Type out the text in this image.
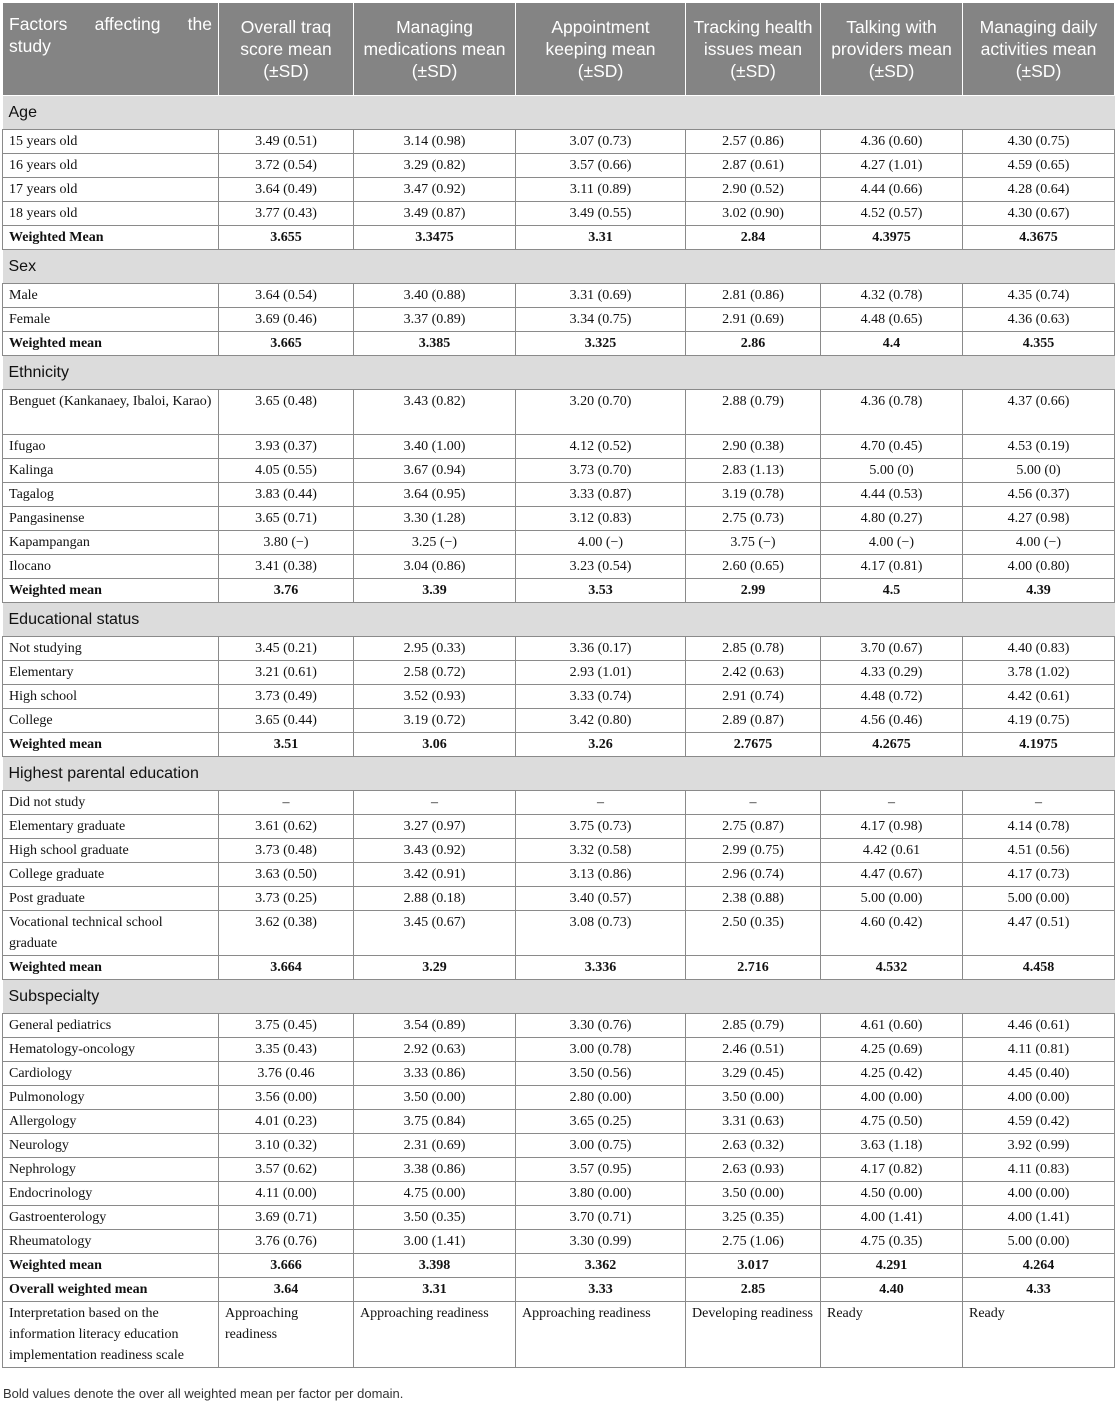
Factors affecting the study	Overall traq score mean (±SD)	Managing medications mean (±SD)	Appointment keeping mean (±SD)	Tracking health issues mean (±SD)	Talking with providers mean (±SD)	Managing daily activities mean (±SD)
Age						
15 years old	3.49 (0.51)	3.14 (0.98)	3.07 (0.73)	2.57 (0.86)	4.36 (0.60)	4.30 (0.75)
16 years old	3.72 (0.54)	3.29 (0.82)	3.57 (0.66)	2.87 (0.61)	4.27 (1.01)	4.59 (0.65)
17 years old	3.64 (0.49)	3.47 (0.92)	3.11 (0.89)	2.90 (0.52)	4.44 (0.66)	4.28 (0.64)
18 years old	3.77 (0.43)	3.49 (0.87)	3.49 (0.55)	3.02 (0.90)	4.52 (0.57)	4.30 (0.67)
Weighted Mean	3.655	3.3475	3.31	2.84	4.3975	4.3675
Sex						
Male	3.64 (0.54)	3.40 (0.88)	3.31 (0.69)	2.81 (0.86)	4.32 (0.78)	4.35 (0.74)
Female	3.69 (0.46)	3.37 (0.89)	3.34 (0.75)	2.91 (0.69)	4.48 (0.65)	4.36 (0.63)
Weighted mean	3.665	3.385	3.325	2.86	4.4	4.355
Ethnicity						
Benguet (Kankanaey, Ibaloi, Karao)	3.65 (0.48)	3.43 (0.82)	3.20 (0.70)	2.88 (0.79)	4.36 (0.78)	4.37 (0.66)
Ifugao	3.93 (0.37)	3.40 (1.00)	4.12 (0.52)	2.90 (0.38)	4.70 (0.45)	4.53 (0.19)
Kalinga	4.05 (0.55)	3.67 (0.94)	3.73 (0.70)	2.83 (1.13)	5.00 (0)	5.00 (0)
Tagalog	3.83 (0.44)	3.64 (0.95)	3.33 (0.87)	3.19 (0.78)	4.44 (0.53)	4.56 (0.37)
Pangasinense	3.65 (0.71)	3.30 (1.28)	3.12 (0.83)	2.75 (0.73)	4.80 (0.27)	4.27 (0.98)
Kapampangan	3.80 (−)	3.25 (−)	4.00 (−)	3.75 (−)	4.00 (−)	4.00 (−)
Ilocano	3.41 (0.38)	3.04 (0.86)	3.23 (0.54)	2.60 (0.65)	4.17 (0.81)	4.00 (0.80)
Weighted mean	3.76	3.39	3.53	2.99	4.5	4.39
Educational status						
Not studying	3.45 (0.21)	2.95 (0.33)	3.36 (0.17)	2.85 (0.78)	3.70 (0.67)	4.40 (0.83)
Elementary	3.21 (0.61)	2.58 (0.72)	2.93 (1.01)	2.42 (0.63)	4.33 (0.29)	3.78 (1.02)
High school	3.73 (0.49)	3.52 (0.93)	3.33 (0.74)	2.91 (0.74)	4.48 (0.72)	4.42 (0.61)
College	3.65 (0.44)	3.19 (0.72)	3.42 (0.80)	2.89 (0.87)	4.56 (0.46)	4.19 (0.75)
Weighted mean	3.51	3.06	3.26	2.7675	4.2675	4.1975
Highest parental education						
Did not study	–	–	–	–	–	–
Elementary graduate	3.61 (0.62)	3.27 (0.97)	3.75 (0.73)	2.75 (0.87)	4.17 (0.98)	4.14 (0.78)
High school graduate	3.73 (0.48)	3.43 (0.92)	3.32 (0.58)	2.99 (0.75)	4.42 (0.61	4.51 (0.56)
College graduate	3.63 (0.50)	3.42 (0.91)	3.13 (0.86)	2.96 (0.74)	4.47 (0.67)	4.17 (0.73)
Post graduate	3.73 (0.25)	2.88 (0.18)	3.40 (0.57)	2.38 (0.88)	5.00 (0.00)	5.00 (0.00)
Vocational technical school graduate	3.62 (0.38)	3.45 (0.67)	3.08 (0.73)	2.50 (0.35)	4.60 (0.42)	4.47 (0.51)
Weighted mean	3.664	3.29	3.336	2.716	4.532	4.458
Subspecialty						
General pediatrics	3.75 (0.45)	3.54 (0.89)	3.30 (0.76)	2.85 (0.79)	4.61 (0.60)	4.46 (0.61)
Hematology-oncology	3.35 (0.43)	2.92 (0.63)	3.00 (0.78)	2.46 (0.51)	4.25 (0.69)	4.11 (0.81)
Cardiology	3.76 (0.46	3.33 (0.86)	3.50 (0.56)	3.29 (0.45)	4.25 (0.42)	4.45 (0.40)
Pulmonology	3.56 (0.00)	3.50 (0.00)	2.80 (0.00)	3.50 (0.00)	4.00 (0.00)	4.00 (0.00)
Allergology	4.01 (0.23)	3.75 (0.84)	3.65 (0.25)	3.31 (0.63)	4.75 (0.50)	4.59 (0.42)
Neurology	3.10 (0.32)	2.31 (0.69)	3.00 (0.75)	2.63 (0.32)	3.63 (1.18)	3.92 (0.99)
Nephrology	3.57 (0.62)	3.38 (0.86)	3.57 (0.95)	2.63 (0.93)	4.17 (0.82)	4.11 (0.83)
Endocrinology	4.11 (0.00)	4.75 (0.00)	3.80 (0.00)	3.50 (0.00)	4.50 (0.00)	4.00 (0.00)
Gastroenterology	3.69 (0.71)	3.50 (0.35)	3.70 (0.71)	3.25 (0.35)	4.00 (1.41)	4.00 (1.41)
Rheumatology	3.76 (0.76)	3.00 (1.41)	3.30 (0.99)	2.75 (1.06)	4.75 (0.35)	5.00 (0.00)
Weighted mean	3.666	3.398	3.362	3.017	4.291	4.264
Overall weighted mean	3.64	3.31	3.33	2.85	4.40	4.33
Interpretation based on the information literacy education implementation readiness scale	Approaching readiness	Approaching readiness	Approaching readiness	Developing readiness	Ready	Ready
Bold values denote the over all weighted mean per factor per domain.
